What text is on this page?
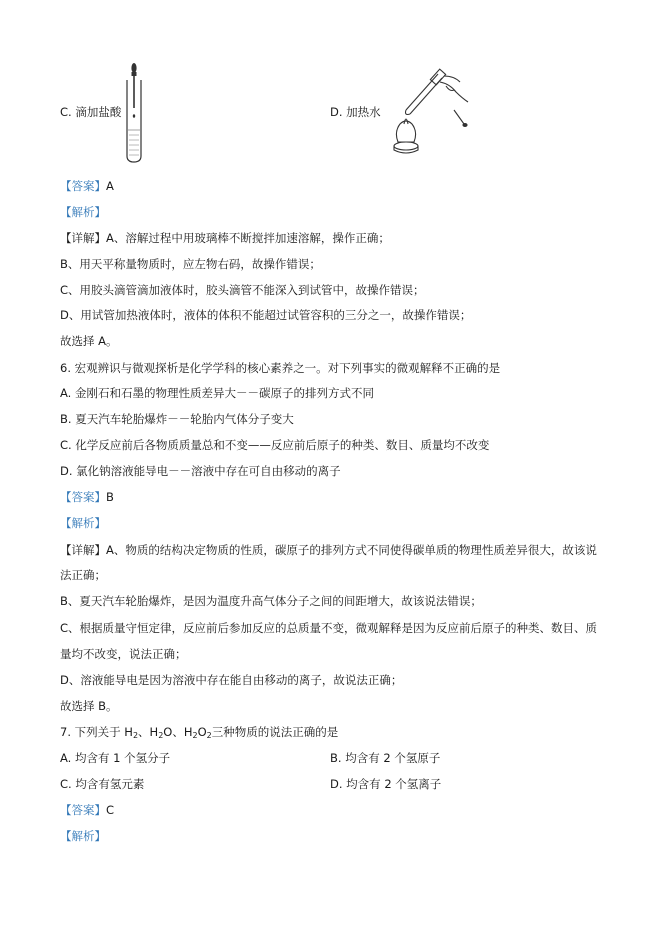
C. 滴加盐酸	D. 加热水
【答案】A
【解析】
【详解】A、溶解过程中用玻璃棒不断搅拌加速溶解，操作正确；
B、用天平称量物质时，应左物右码，故操作错误；
C、用胶头滴管滴加液体时，胶头滴管不能深入到试管中，故操作错误；
D、用试管加热液体时，液体的体积不能超过试管容积的三分之一，故操作错误；
故选择 A。
6. 宏观辨识与微观探析是化学学科的核心素养之一。对下列事实的微观解释不正确的是
A. 金刚石和石墨的物理性质差异大－－碳原子的排列方式不同
B. 夏天汽车轮胎爆炸－－轮胎内气体分子变大
C. 化学反应前后各物质质量总和不变——反应前后原子的种类、数目、质量均不改变
D. 氯化钠溶液能导电－－溶液中存在可自由移动的离子
【答案】B
【解析】
【详解】A、物质的结构决定物质的性质，碳原子的排列方式不同使得碳单质的物理性质差异很大，故该说
法正确；
B、夏天汽车轮胎爆炸，是因为温度升高气体分子之间的间距增大，故该说法错误；
C、根据质量守恒定律，反应前后参加反应的总质量不变，微观解释是因为反应前后原子的种类、数目、质
量均不改变，说法正确；
D、溶液能导电是因为溶液中存在能自由移动的离子，故说法正确；
故选择 B。
7. 下列关于 $H_2$、$H_2O$、$H_2O_2$三种物质的说法正确的是
A. 均含有 1 个氢分子	B. 均含有 2 个氢原子
C. 均含有氢元素	D. 均含有 2 个氢离子
【答案】C
【解析】
